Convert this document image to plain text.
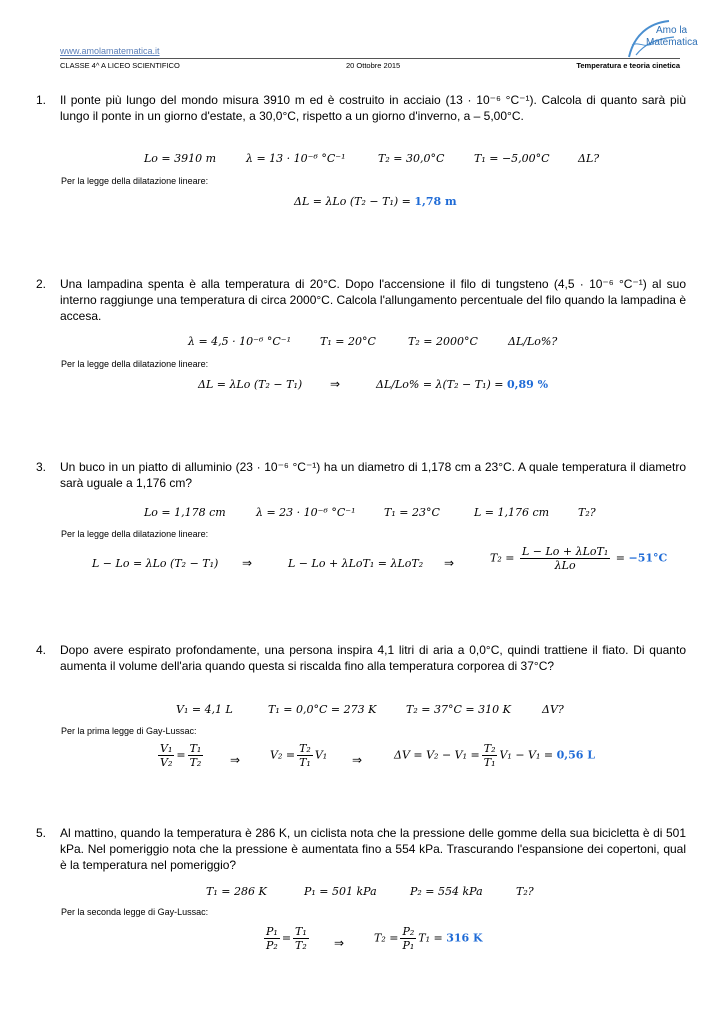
Amo la
Matematica
www.amolamatematica.it
CLASSE 4^ A LICEO SCIENTIFICO	20 Ottobre 2015	Temperatura e teoria cinetica
1. Il ponte più lungo del mondo misura 3910 m ed è costruito in acciaio (13 · 10⁻⁶ °C⁻¹). Calcola di quanto sarà più lungo il ponte in un giorno d'estate, a 30,0°C, rispetto a un giorno d'inverno, a – 5,00°C.
Lo = 3910 m	λ = 13 · 10⁻⁶ °C⁻¹	T₂ = 30,0°C	T₁ = −5,00°C	ΔL?
Per la legge della dilatazione lineare:
ΔL = λLo (T₂ − T₁) = 1,78 m
2. Una lampadina spenta è alla temperatura di 20°C. Dopo l'accensione il filo di tungsteno (4,5 · 10⁻⁶ °C⁻¹) al suo interno raggiunge una temperatura di circa 2000°C. Calcola l'allungamento percentuale del filo quando la lampadina è accesa.
λ = 4,5 · 10⁻⁶ °C⁻¹	T₁ = 20°C	T₂ = 2000°C	ΔL/Lo%?
Per la legge della dilatazione lineare:
ΔL = λLo (T₂ − T₁) ⇒	ΔL/Lo% = λ(T₂ − T₁) = 0,89 %
3. Un buco in un piatto di alluminio (23 · 10⁻⁶ °C⁻¹) ha un diametro di 1,178 cm a 23°C. A quale temperatura il diametro sarà uguale a 1,176 cm?
Lo = 1,178 cm	λ = 23 · 10⁻⁶ °C⁻¹	T₁ = 23°C	L = 1,176 cm	T₂?
Per la legge della dilatazione lineare:
L − Lo = λLo (T₂ − T₁) ⇒	L − Lo + λLoT₁ = λLoT₂ ⇒	$T_2 = \frac{\text{L − Lo + λLoT₁}}{\text{λLo}} = -51^\circ C$
4. Dopo avere espirato profondamente, una persona inspira 4,1 litri di aria a 0,0°C, quindi trattiene il fiato. Di quanto aumenta il volume dell'aria quando questa si riscalda fino alla temperatura corporea di 37°C?
V₁ = 4,1 L	T₁ = 0,0°C = 273 K	T₂ = 37°C = 310 K	ΔV?
Per la prima legge di Gay-Lussac:
$\frac{\text{V₁}}{\text{V₂}} = \frac{\text{T₁}}{\text{T₂}}$ ⇒	$V_2 = \frac{\text{T₂}}{\text{T₁}} V_1$ ⇒	$\Delta V = V_2 - V_1 = \frac{\text{T₂}}{\text{T₁}} V_1 - V_1 = 0,56$ L
5. Al mattino, quando la temperatura è 286 K, un ciclista nota che la pressione delle gomme della sua bicicletta è di 501 kPa. Nel pomeriggio nota che la pressione è aumentata fino a 554 kPa. Trascurando l'espansione dei copertoni, qual è la temperatura nel pomeriggio?
T₁ = 286 K	P₁ = 501 kPa	P₂ = 554 kPa	T₂?
Per la seconda legge di Gay-Lussac:
$\frac{\text{P₁}}{\text{P₂}} = \frac{\text{T₁}}{\text{T₂}}$ ⇒	$T_2 = \frac{\text{P₂}}{\text{P₁}} T_1 = 316$ K
